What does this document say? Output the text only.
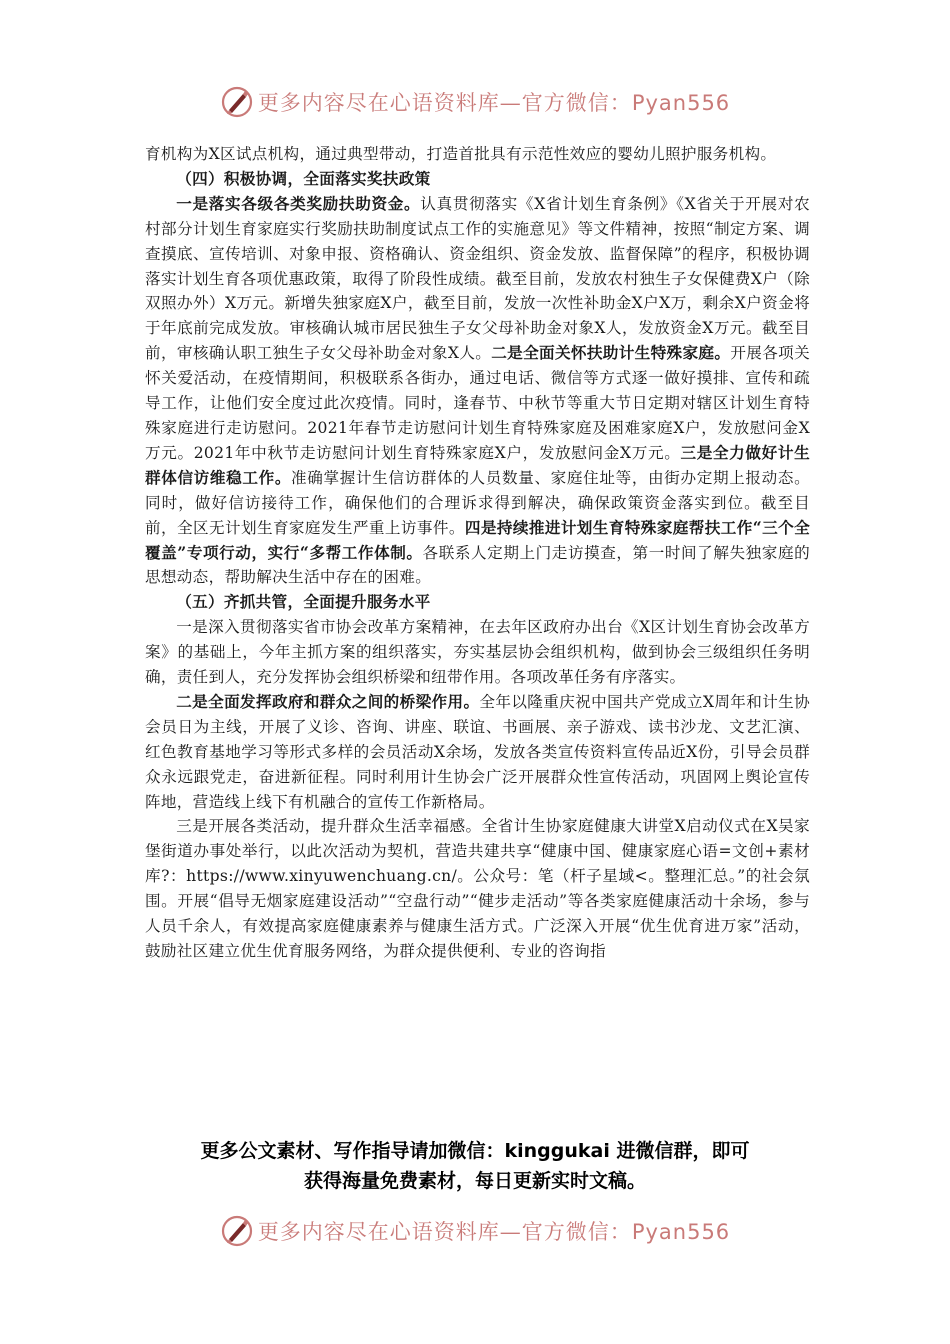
更多内容尽在心语资料库—官方微信：Pyan556

育机构为X区试点机构，通过典型带动，打造首批具有示范性效应的婴幼儿照护服务机构。

（四）积极协调，全面落实奖扶政策

一是落实各级各类奖励扶助资金。认真贯彻落实《X省计划生育条例》《X省关于开展对农村部分计划生育家庭实行奖励扶助制度试点工作的实施意见》等文件精神，按照“制定方案、调查摸底、宣传培训、对象申报、资格确认、资金组织、资金发放、监督保障”的程序，积极协调落实计划生育各项优惠政策，取得了阶段性成绩。截至目前，发放农村独生子女保健费X户（除双照办外）X万元。新增失独家庭X户，截至目前，发放一次性补助金X户X万，剩余X户资金将于年底前完成发放。审核确认城市居民独生子女父母补助金对象X人，发放资金X万元。截至目前，审核确认职工独生子女父母补助金对象X人。二是全面关怀扶助计生特殊家庭。开展各项关怀关爱活动，在疫情期间，积极联系各街办，通过电话、微信等方式逐一做好摸排、宣传和疏导工作，让他们安全度过此次疫情。同时，逢春节、中秋节等重大节日定期对辖区计划生育特殊家庭进行走访慰问。2021年春节走访慰问计划生育特殊家庭及困难家庭X户，发放慰问金X万元。2021年中秋节走访慰问计划生育特殊家庭X户，发放慰问金X万元。三是全力做好计生群体信访维稳工作。准确掌握计生信访群体的人员数量、家庭住址等，由街办定期上报动态。同时，做好信访接待工作，确保他们的合理诉求得到解决，确保政策资金落实到位。截至目前，全区无计划生育家庭发生严重上访事件。四是持续推进计划生育特殊家庭帮扶工作“三个全覆盖”专项行动，实行“多帮工作体制。各联系人定期上门走访摸查，第一时间了解失独家庭的思想动态，帮助解决生活中存在的困难。

（五）齐抓共管，全面提升服务水平

一是深入贯彻落实省市协会改革方案精神，在去年区政府办出台《X区计划生育协会改革方案》的基础上，今年主抓方案的组织落实，夯实基层协会组织机构，做到协会三级组织任务明确，责任到人，充分发挥协会组织桥梁和纽带作用。各项改革任务有序落实。

二是全面发挥政府和群众之间的桥梁作用。全年以隆重庆祝中国共产党成立X周年和计生协会员日为主线，开展了义诊、咨询、讲座、联谊、书画展、亲子游戏、读书沙龙、文艺汇演、红色教育基地学习等形式多样的会员活动X余场，发放各类宣传资料宣传品近X份，引导会员群众永远跟党走，奋进新征程。同时利用计生协会广泛开展群众性宣传活动，巩固网上舆论宣传阵地，营造线上线下有机融合的宣传工作新格局。

三是开展各类活动，提升群众生活幸福感。全省计生协家庭健康大讲堂X启动仪式在X吴家堡街道办事处举行，以此次活动为契机，营造共建共享“健康中国、健康家庭心语=文创+素材库?：https://www.xinyuwenchuang.cn/。公众号：笔（杆子星域<。整理汇总。”的社会氛围。开展“倡导无烟家庭建设活动”“空盘行动”“健步走活动”等各类家庭健康活动十余场，参与人员千余人，有效提高家庭健康素养与健康生活方式。广泛深入开展“优生优育进万家”活动，鼓励社区建立优生优育服务网络，为群众提供便利、专业的咨询指

更多公文素材、写作指导请加微信：kinggukai 进微信群，即可
获得海量免费素材，每日更新实时文稿。
更多内容尽在心语资料库—官方微信：Pyan556
